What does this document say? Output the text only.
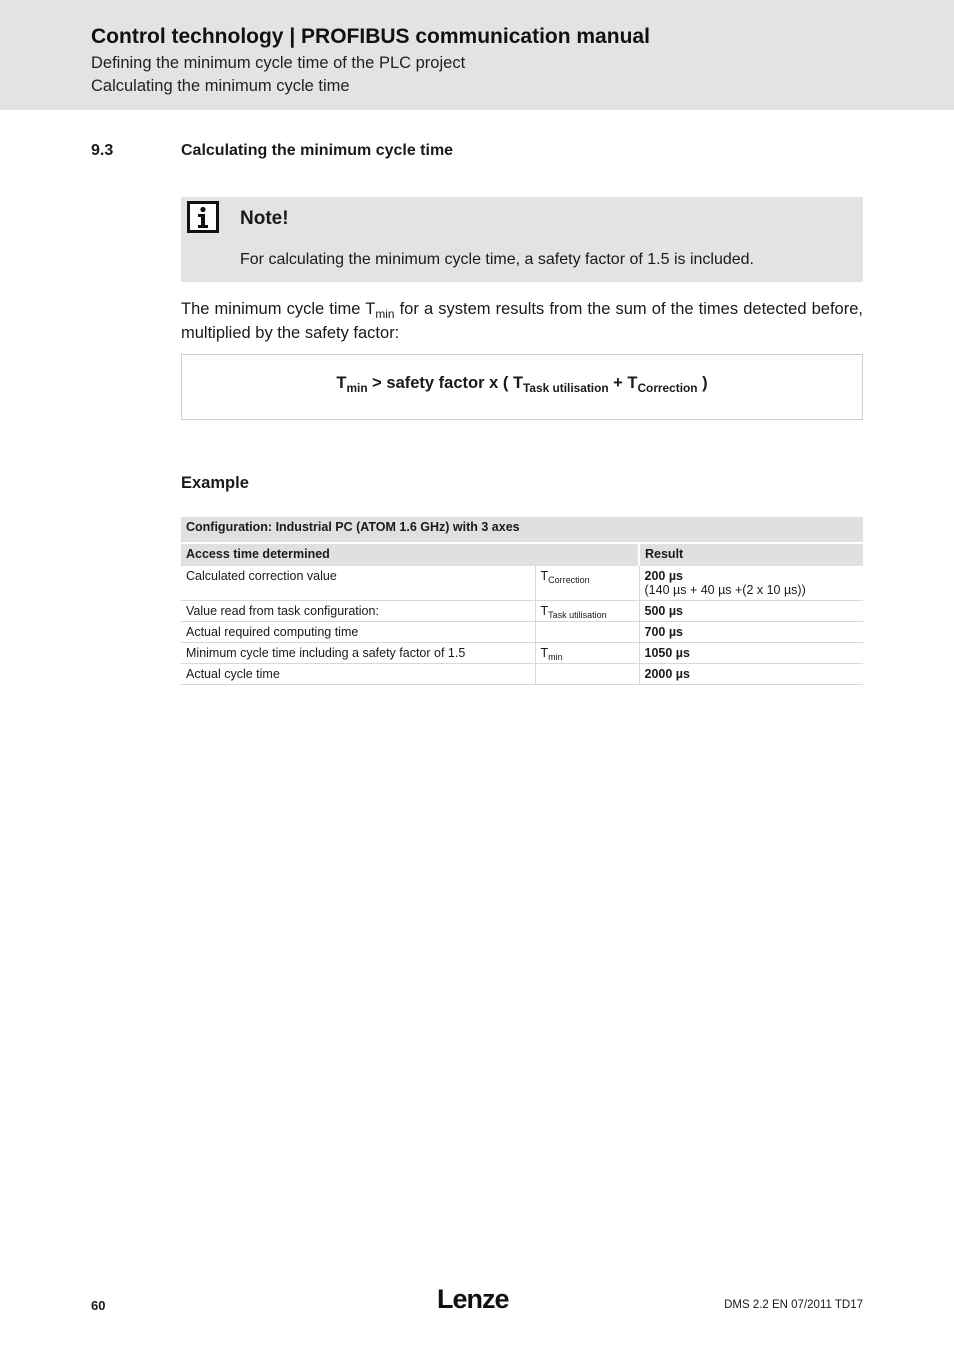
Control technology | PROFIBUS communication manual
Defining the minimum cycle time of the PLC project
Calculating the minimum cycle time
9.3	Calculating the minimum cycle time
Note!
For calculating the minimum cycle time, a safety factor of 1.5 is included.
The minimum cycle time $T_{min}$ for a system results from the sum of the times detected before, multiplied by the safety factor:
$T_{min}$ > safety factor x ( $T_{Task utilisation} + T_{Correction}$ )
Example
Configuration: Industrial PC (ATOM 1.6 GHz) with 3 axes		
Access time determined		Result
Calculated correction value	$T_{Correction}$	200 µs
(140 µs + 40 µs +(2 x 10 µs))

Value read from task configuration:	$T_{Task utilisation}$	500 µs
Actual required computing time		700 µs
Minimum cycle time including a safety factor of 1.5	$T_{min}$	1050 µs
Actual cycle time		2000 µs
60	Lenze	DMS 2.2 EN 07/2011 TD17
